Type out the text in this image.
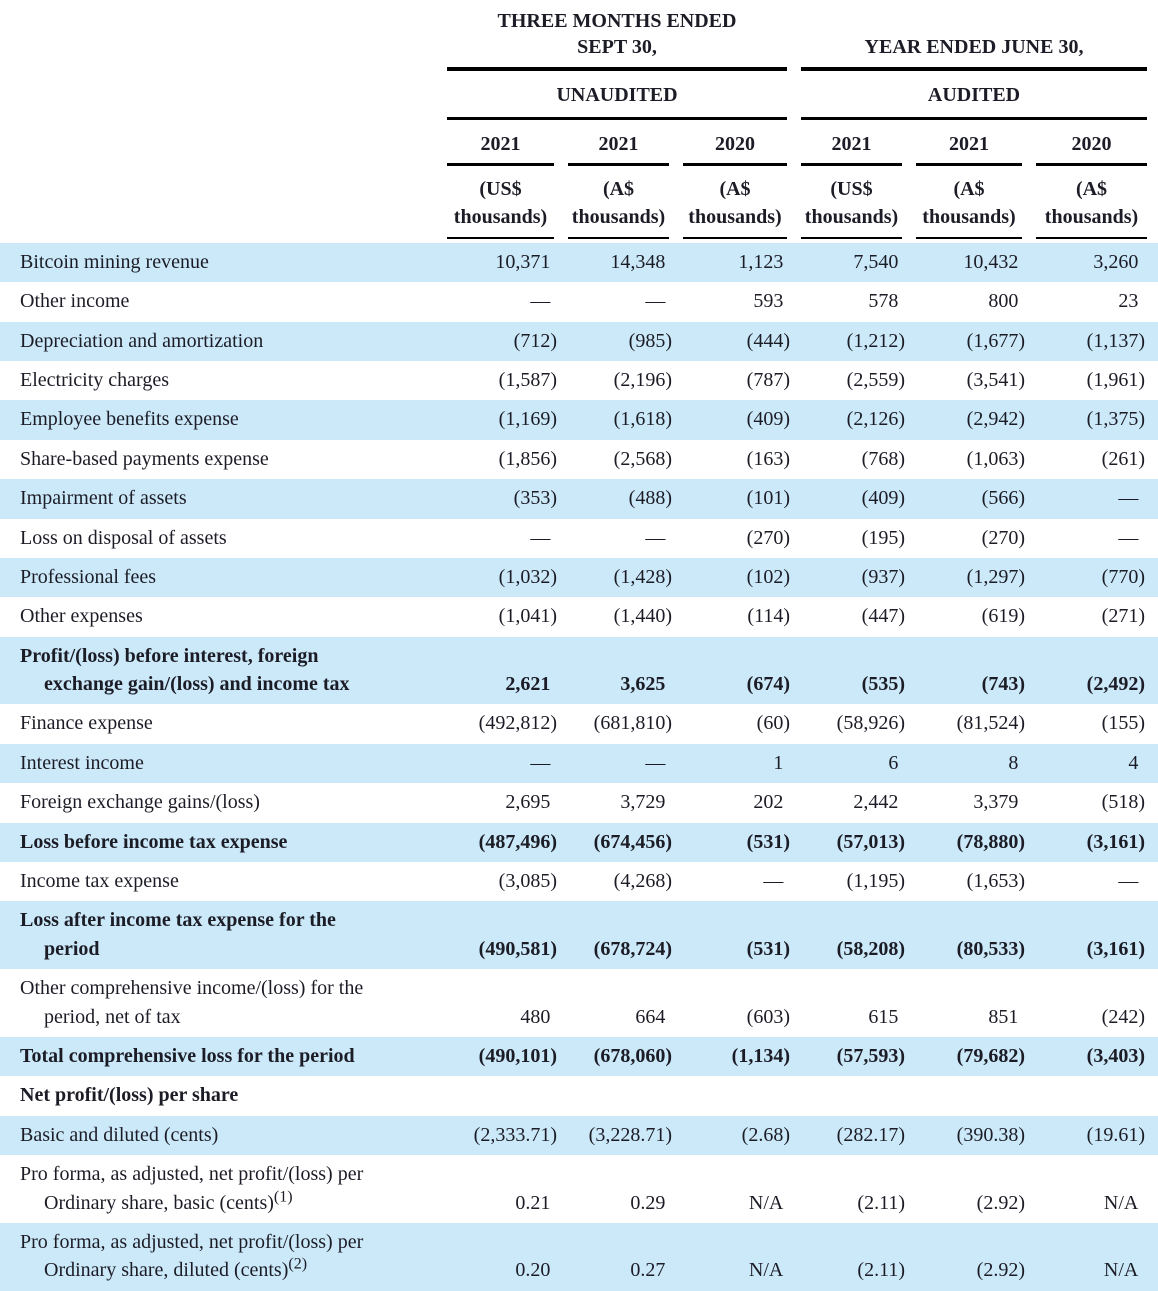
	THREE MONTHS ENDED
SEPT 30,			YEAR ENDED JUNE 30,		

	UNAUDITED			AUDITED		

	2021	2021	2020	2021	2021	2020

	(US$
thousands)	(A$
thousands)	(A$
thousands)	(US$
thousands)	(A$
thousands)	(A$
thousands)

Bitcoin mining revenue	10,371	14,348	1,123	7,540	10,432	3,260

Other income	—	—	593	578	800	23

Depreciation and amortization	(712)	(985)	(444)	(1,212)	(1,677)	(1,137)

Electricity charges	(1,587)	(2,196)	(787)	(2,559)	(3,541)	(1,961)

Employee benefits expense	(1,169)	(1,618)	(409)	(2,126)	(2,942)	(1,375)

Share-based payments expense	(1,856)	(2,568)	(163)	(768)	(1,063)	(261)

Impairment of assets	(353)	(488)	(101)	(409)	(566)	—

Loss on disposal of assets	—	—	(270)	(195)	(270)	—

Professional fees	(1,032)	(1,428)	(102)	(937)	(1,297)	(770)

Other expenses	(1,041)	(1,440)	(114)	(447)	(619)	(271)

Profit/(loss) before interest, foreign
exchange gain/(loss) and income tax	2,621	3,625	(674)	(535)	(743)	(2,492)

Finance expense	(492,812)	(681,810)	(60)	(58,926)	(81,524)	(155)

Interest income	—	—	1	6	8	4

Foreign exchange gains/(loss)	2,695	3,729	202	2,442	3,379	(518)

Loss before income tax expense	(487,496)	(674,456)	(531)	(57,013)	(78,880)	(3,161)

Income tax expense	(3,085)	(4,268)	—	(1,195)	(1,653)	—

Loss after income tax expense for the
period	(490,581)	(678,724)	(531)	(58,208)	(80,533)	(3,161)

Other comprehensive income/(loss) for the
period, net of tax	480	664	(603)	615	851	(242)

Total comprehensive loss for the period	(490,101)	(678,060)	(1,134)	(57,593)	(79,682)	(3,403)

Net profit/(loss) per share						

Basic and diluted (cents)	(2,333.71)	(3,228.71)	(2.68)	(282.17)	(390.38)	(19.61)

Pro forma, as adjusted, net profit/(loss) per
Ordinary share, basic (cents)$^{(1)}$	0.21	0.29	N/A	(2.11)	(2.92)	N/A

Pro forma, as adjusted, net profit/(loss) per
Ordinary share, diluted (cents)$^{(2)}$	0.20	0.27	N/A	(2.11)	(2.92)	N/A
